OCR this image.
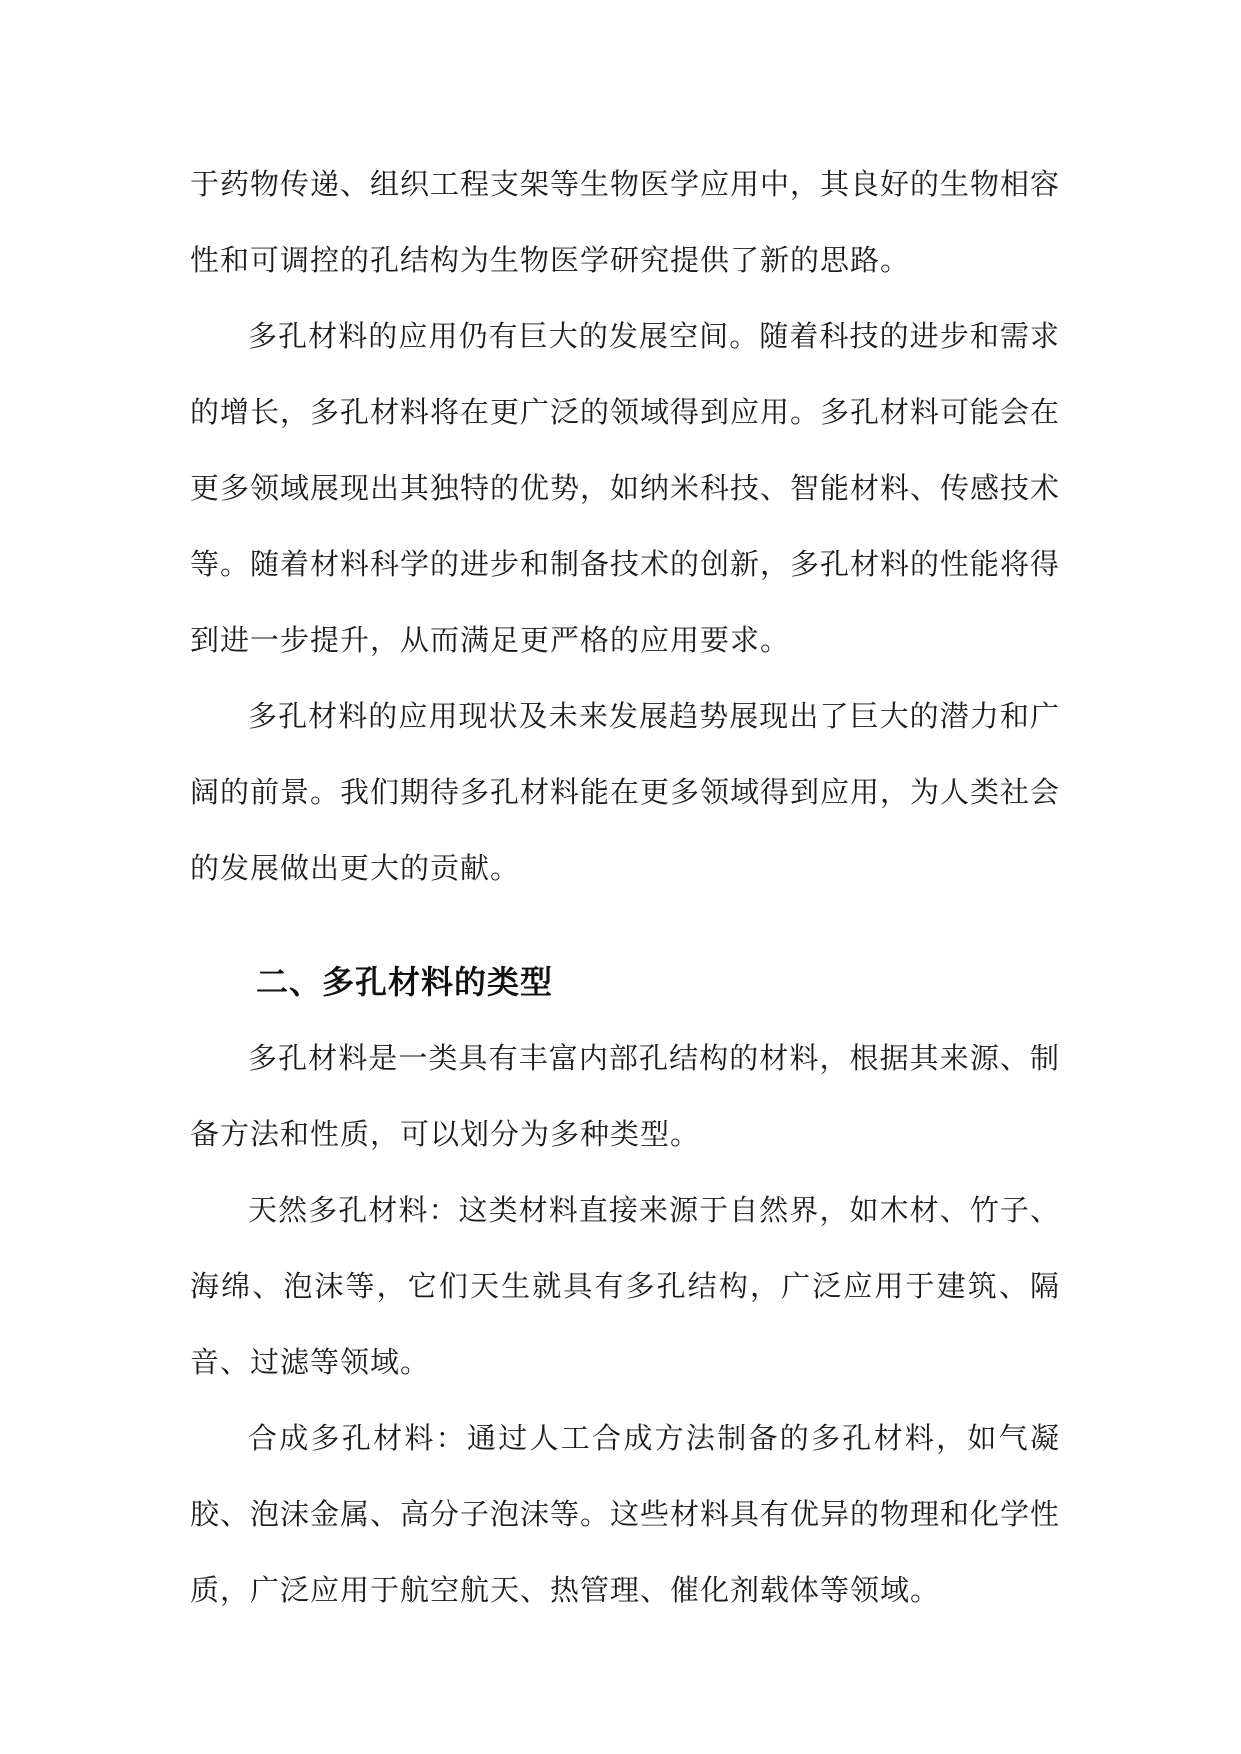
于药物传递、组织工程支架等生物医学应用中，其良好的生物相容性和可调控的孔结构为生物医学研究提供了新的思路。

多孔材料的应用仍有巨大的发展空间。随着科技的进步和需求的增长，多孔材料将在更广泛的领域得到应用。多孔材料可能会在更多领域展现出其独特的优势，如纳米科技、智能材料、传感技术等。随着材料科学的进步和制备技术的创新，多孔材料的性能将得到进一步提升，从而满足更严格的应用要求。

多孔材料的应用现状及未来发展趋势展现出了巨大的潜力和广阔的前景。我们期待多孔材料能在更多领域得到应用，为人类社会的发展做出更大的贡献。

二、多孔材料的类型

多孔材料是一类具有丰富内部孔结构的材料，根据其来源、制备方法和性质，可以划分为多种类型。

天然多孔材料：这类材料直接来源于自然界，如木材、竹子、海绵、泡沫等，它们天生就具有多孔结构，广泛应用于建筑、隔音、过滤等领域。

合成多孔材料：通过人工合成方法制备的多孔材料，如气凝胶、泡沫金属、高分子泡沫等。这些材料具有优异的物理和化学性质，广泛应用于航空航天、热管理、催化剂载体等领域。
